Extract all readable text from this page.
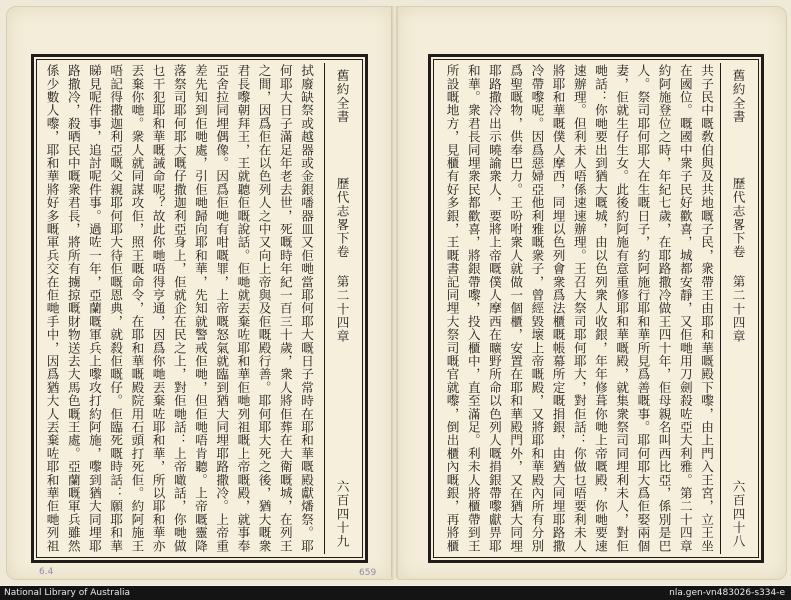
拭廢缺祭或越器或金銀噃器皿又佢哋當耶何耶大嘅日子常時在耶和華嘅殿獻燔祭。耶何耶大日子滿足年老去世，死嘅時年紀一百三十歲，衆人將佢葬在大衛嘅城，在列王之間，因爲佢在以色列人之中又向上帝與及佢嘅殿行善。耶何耶大死之後，猶大嘅衆君長嚟朝拜王，王就聽佢嘅說話。佢哋就丟棄咗耶和華佢哋列祖嘅上帝嘅殿，就事奉亞舍拉同埋偶像。因爲佢哋有咁嘅罪，上帝嘅怒氣就臨到猶大同埋耶路撒冷。上帝重差先知到佢哋處，引佢哋歸向耶和華，先知就警戒佢哋，但佢哋唔肯聽。上帝嘅靈降落祭司耶何耶大嘅仔撒迦利亞身上，佢就企在民之上，對佢哋話：上帝噉話，你哋做乜干犯耶和華嘅誡命呢？故此你哋唔得亨通，因爲你哋丟棄咗耶和華，所以耶和華亦丟棄你哋。衆人就同謀攻佢，照王嘅命令，在耶和華嘅殿院用石頭打死佢。約阿施王唔記得撒迦利亞嘅父親耶何耶大待佢嘅恩典，就殺佢嘅仔。佢臨死嘅時話：願耶和華睇見呢件事，追討呢件事。過咗一年，亞蘭嘅軍兵上嚟攻打約阿施，嚟到猶大同埋耶路撒冷，殺晒民中嘅衆君長，將所有擄掠嘅財物送去大馬色嘅王處。亞蘭嘅軍兵雖然係少數人嚟，耶和華將好多嘅軍兵交在佢哋手中，因爲猶大人丟棄咗耶和華佢哋列祖
舊約全書
歷代志畧下卷
第二十四章
六百四十九
6.4	659
共子民中嘅敎伯與及共地嘅子民，衆帶王由耶和華嘅殿下嚟，由上門入王宮，立王坐在國位。嘅國中衆子民好歡喜，城都安靜，又佢哋用刀劍殺咗亞大利雅。第二十四章　約阿施登位之時，年紀七歲，在耶路撒冷做王四十年，佢母親名叫西比亞，係別是巴人。祭司耶何耶大在生嘅日子，約阿施行耶和華所見爲善嘅事。耶何耶大爲佢娶兩個妻，佢就生仔生女。此後約阿施有意重修耶和華嘅殿，就集衆祭司同埋利未人，對佢哋話：你哋要出到猶大嘅城，由以色列衆人收銀，年年修葺你哋上帝嘅殿，你哋要速速辦理。但利未人唔係速速辦理。王召大祭司耶何耶大，對佢話：你做乜唔要利未人將耶和華嘅僕人摩西，同埋以色列會衆爲法櫃嘅帳幕所定嘅捐銀，由猶大同埋耶路撒冷帶嚟呢。因爲惡婦亞他利雅嘅衆子，曾經毀壞上帝嘅殿，又將耶和華殿內所有分別爲聖嘅物，供奉巴力。王吩咐衆人就做一個櫃，安置在耶和華殿門外，又在猶大同埋耶路撒冷出示曉諭衆人，要將上帝嘅僕人摩西在曠野所命以色列人嘅捐銀帶嚟獻畀耶和華。衆君長同埋衆民都歡喜，將銀帶嚟，投入櫃中，直至滿足。利未人將櫃帶到王所設嘅地方，見櫃有好多銀，王嘅書記同埋大祭司嘅官就嚟，倒出櫃內嘅銀，再將櫃
舊約全書
歷代志畧下卷
第二十四章
六百四十八
National Library of Australia	nla.gen-vn483026-s334-e
